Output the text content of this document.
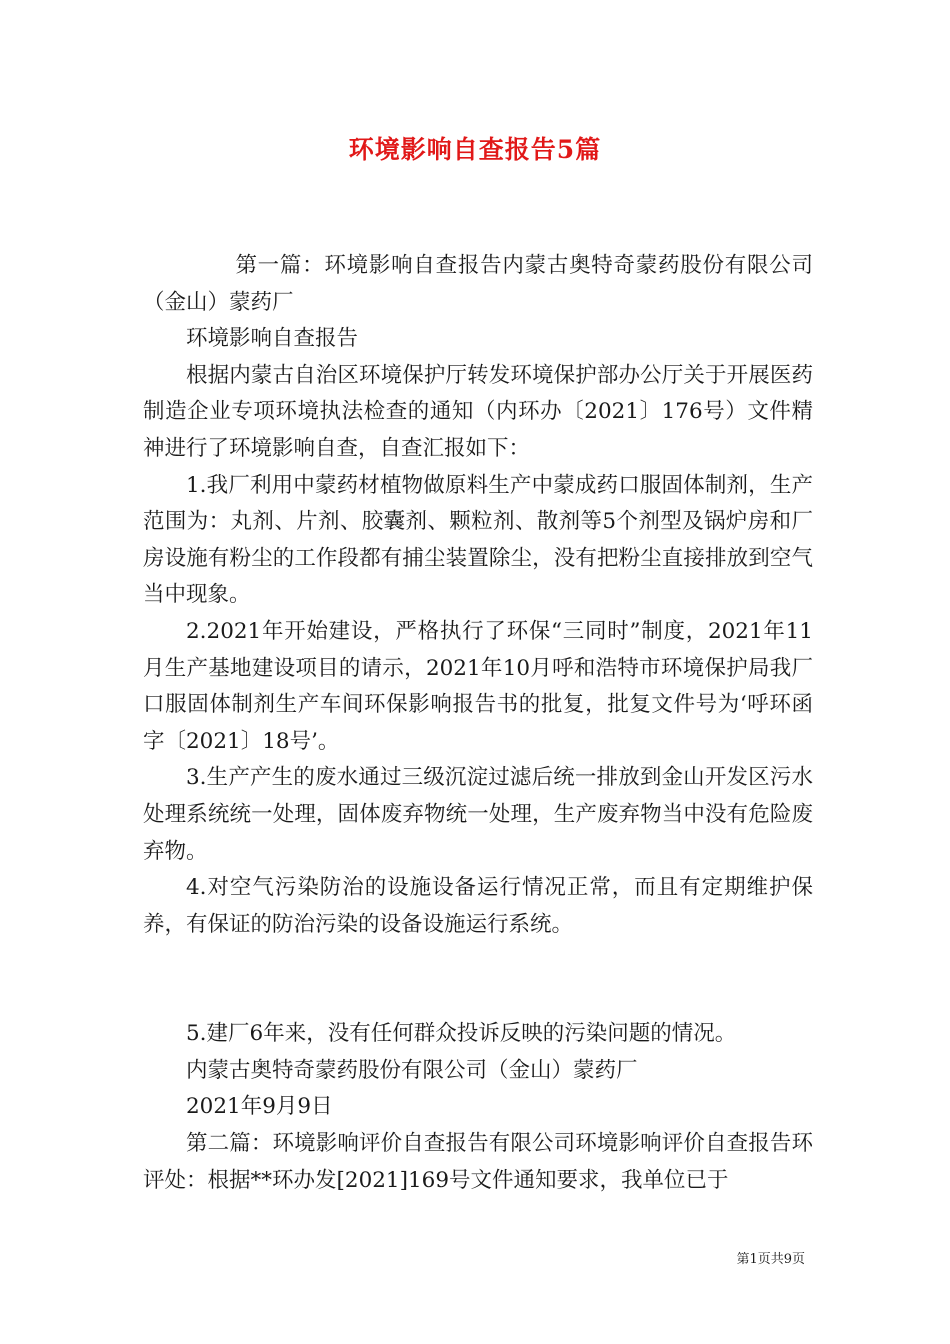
环境影响自查报告5篇

第一篇：环境影响自查报告内蒙古奥特奇蒙药股份有限公司（金山）蒙药厂

环境影响自查报告

根据内蒙古自治区环境保护厅转发环境保护部办公厅关于开展医药制造企业专项环境执法检查的通知（内环办〔2021〕176号）文件精神进行了环境影响自查，自查汇报如下：

1.我厂利用中蒙药材植物做原料生产中蒙成药口服固体制剂，生产范围为：丸剂、片剂、胶囊剂、颗粒剂、散剂等5个剂型及锅炉房和厂房设施有粉尘的工作段都有捕尘装置除尘，没有把粉尘直接排放到空气当中现象。

2.2021年开始建设，严格执行了环保“三同时”制度，2021年11月生产基地建设项目的请示，2021年10月呼和浩特市环境保护局我厂口服固体制剂生产车间环保影响报告书的批复，批复文件号为‘呼环函字〔2021〕18号’。

3.生产产生的废水通过三级沉淀过滤后统一排放到金山开发区污水处理系统统一处理，固体废弃物统一处理，生产废弃物当中没有危险废弃物。

4.对空气污染防治的设施设备运行情况正常，而且有定期维护保养，有保证的防治污染的设备设施运行系统。

5.建厂6年来，没有任何群众投诉反映的污染问题的情况。

内蒙古奥特奇蒙药股份有限公司（金山）蒙药厂

2021年9月9日

第二篇：环境影响评价自查报告有限公司环境影响评价自查报告环评处：根据**环办发[2021]169号文件通知要求，我单位已于

第1页共9页
